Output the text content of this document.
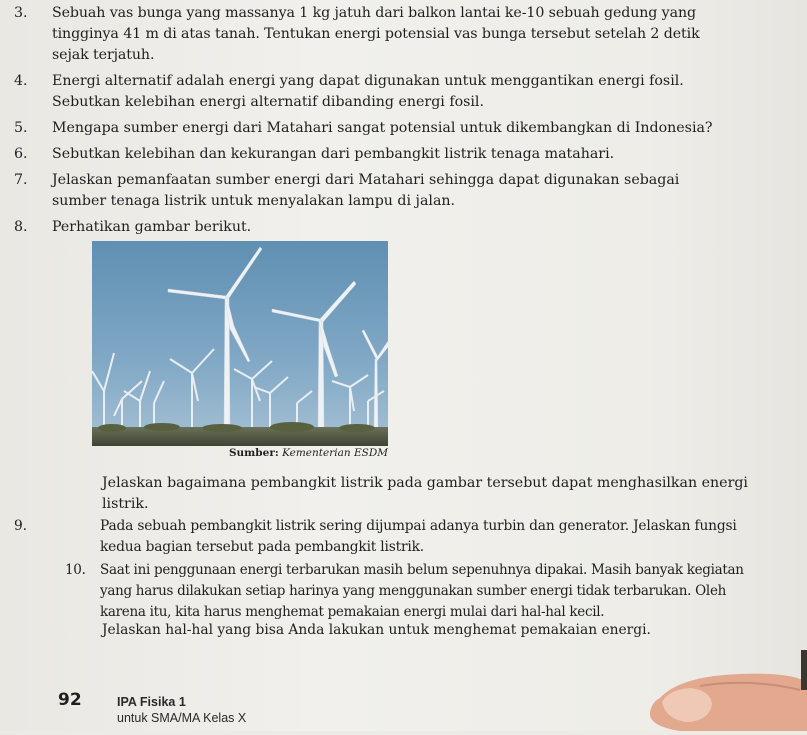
3. Sebuah vas bunga yang massanya 1 kg jatuh dari balkon lantai ke-10 sebuah gedung yang
tingginya 41 m di atas tanah. Tentukan energi potensial vas bunga tersebut setelah 2 detik
sejak terjatuh.
4. Energi alternatif adalah energi yang dapat digunakan untuk menggantikan energi fosil.
Sebutkan kelebihan energi alternatif dibanding energi fosil.
5. Mengapa sumber energi dari Matahari sangat potensial untuk dikembangkan di Indonesia?
6. Sebutkan kelebihan dan kekurangan dari pembangkit listrik tenaga matahari.
7. Jelaskan pemanfaatan sumber energi dari Matahari sehingga dapat digunakan sebagai
sumber tenaga listrik untuk menyalakan lampu di jalan.
8. Perhatikan gambar berikut.
Sumber: Kementerian ESDM
Jelaskan bagaimana pembangkit listrik pada gambar tersebut dapat menghasilkan energi
listrik.
9.	Pada sebuah pembangkit listrik sering dijumpai adanya turbin dan generator. Jelaskan fungsi
kedua bagian tersebut pada pembangkit listrik.
10. Saat ini penggunaan energi terbarukan masih belum sepenuhnya dipakai. Masih banyak kegiatan
yang harus dilakukan setiap harinya yang menggunakan sumber energi tidak terbarukan. Oleh
karena itu, kita harus menghemat pemakaian energi mulai dari hal-hal kecil.
Jelaskan hal-hal yang bisa Anda lakukan untuk menghemat pemakaian energi.
92	IPA Fisika 1
untuk SMA/MA Kelas X
